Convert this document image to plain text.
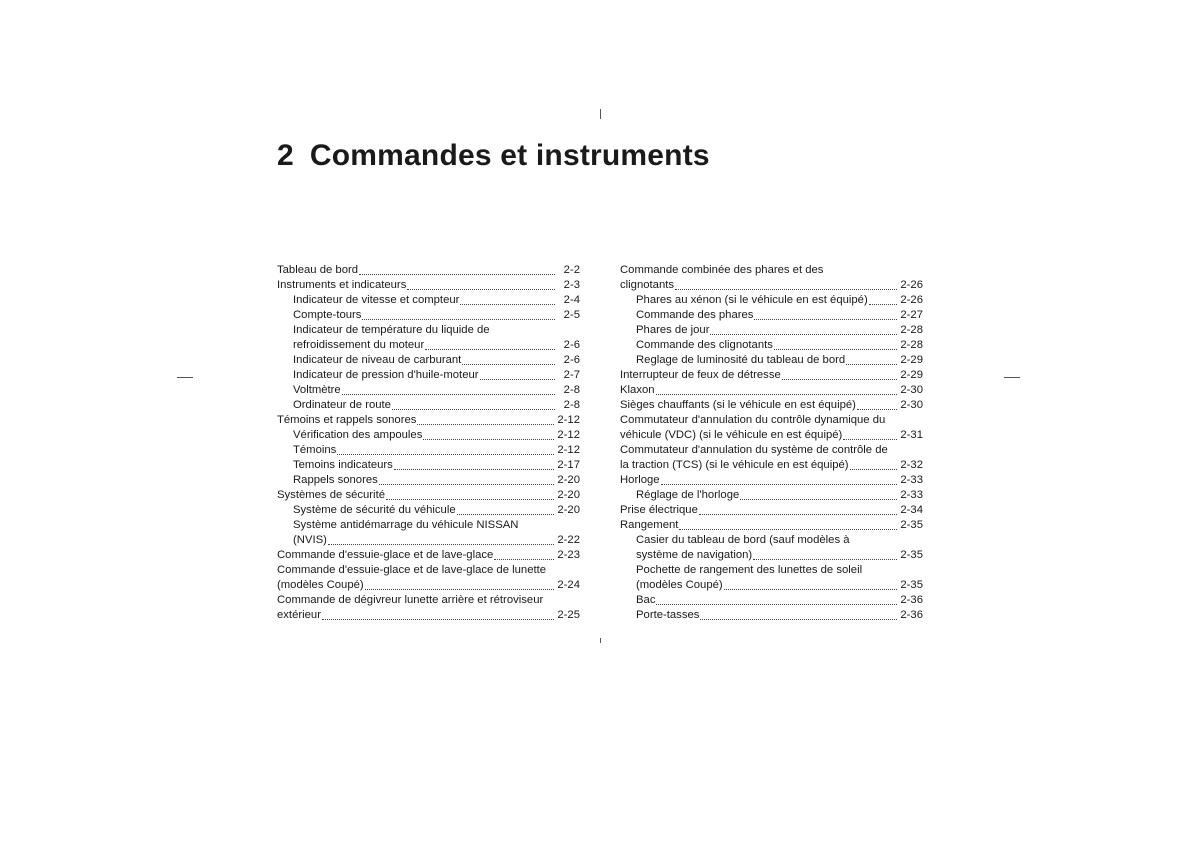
2 Commandes et instruments
Tableau de bord	2-2
Instruments et indicateurs	2-3
Indicateur de vitesse et compteur	2-4
Compte-tours	2-5
Indicateur de température du liquide de
refroidissement du moteur	2-6
Indicateur de niveau de carburant	2-6
Indicateur de pression d'huile-moteur	2-7
Voltmètre	2-8
Ordinateur de route	2-8
Témoins et rappels sonores	2-12
Vérification des ampoules	2-12
Témoins	2-12
Temoins indicateurs	2-17
Rappels sonores	2-20
Systèmes de sécurité	2-20
Système de sécurité du véhicule	2-20
Système antidémarrage du véhicule NISSAN
(NVIS)	2-22
Commande d'essuie-glace et de lave-glace	2-23
Commande d'essuie-glace et de lave-glace de lunette
(modèles Coupé)	2-24
Commande de dégivreur lunette arrière et rétroviseur
extérieur	2-25
Commande combinée des phares et des
clignotants	2-26
Phares au xénon (si le véhicule en est équipé)	2-26
Commande des phares	2-27
Phares de jour	2-28
Commande des clignotants	2-28
Reglage de luminosité du tableau de bord	2-29
Interrupteur de feux de détresse	2-29
Klaxon	2-30
Sièges chauffants (si le véhicule en est équipé)	2-30
Commutateur d'annulation du contrôle dynamique du
véhicule (VDC) (si le véhicule en est équipé)	2-31
Commutateur d'annulation du système de contrôle de
la traction (TCS) (si le véhicule en est équipé)	2-32
Horloge	2-33
Réglage de l'horloge	2-33
Prise électrique	2-34
Rangement	2-35
Casier du tableau de bord (sauf modèles à
système de navigation)	2-35
Pochette de rangement des lunettes de soleil
(modèles Coupé)	2-35
Bac	2-36
Porte-tasses	2-36
